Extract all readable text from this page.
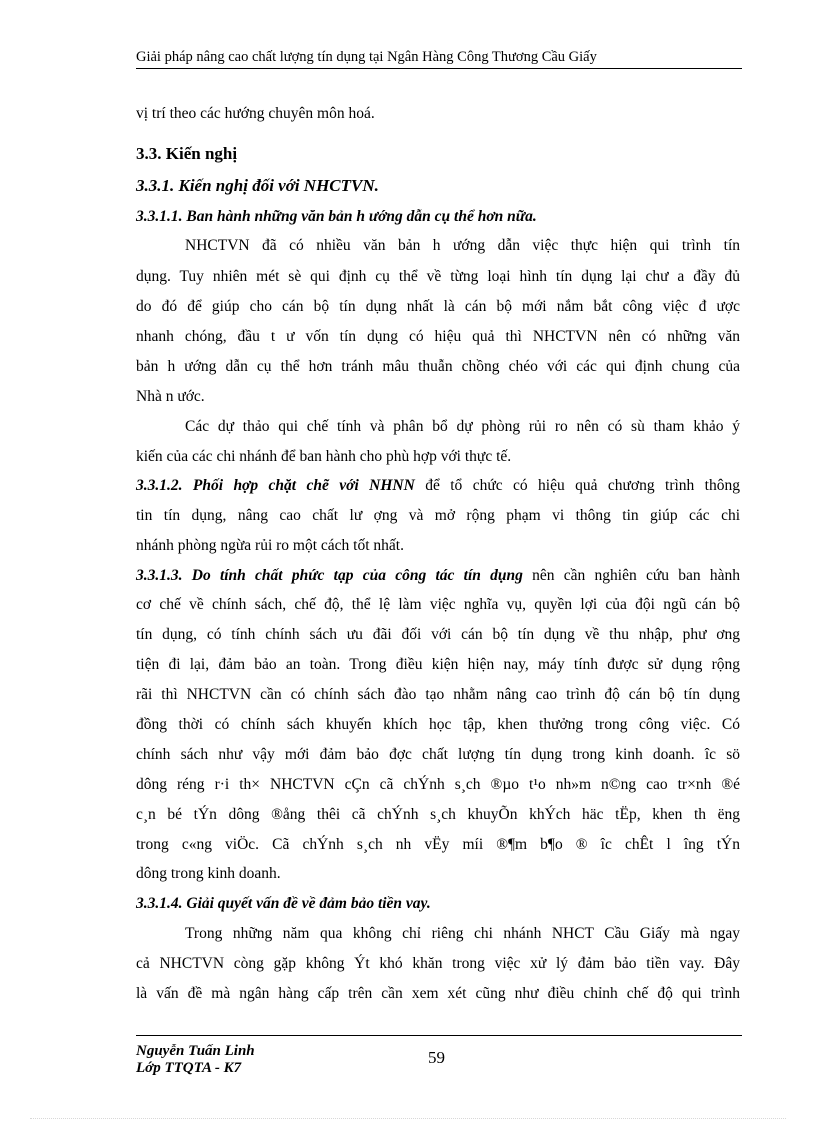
Giải pháp nâng cao chất lượng tín dụng tại Ngân Hàng Công Thương Cầu Giấy
vị trí theo các hướng chuyên môn hoá.
3.3. Kiến nghị
3.3.1. Kiến nghị đối với NHCTVN.
3.3.1.1. Ban hành những văn bản h ướng dẫn cụ thể hơn nữa.
NHCTVN đã có nhiều văn bản h ướng dẫn việc thực hiện qui trình tín
dụng. Tuy nhiên mét sè qui định cụ thể về từng loại hình tín dụng lại chư a đầy đủ
do đó để giúp cho cán bộ tín dụng nhất là cán bộ mới nắm bắt công việc đ ược
nhanh chóng, đầu t ư vốn tín dụng có hiệu quả thì NHCTVN nên có những văn
bản h ướng dẫn cụ thể hơn tránh mâu thuẫn chồng chéo với các qui định chung của
Nhà n ước.
Các dự thảo qui chế tính và phân bổ dự phòng rủi ro nên có sù tham khảo ý
kiến của các chi nhánh để ban hành cho phù hợp với thực tế.
3.3.1.2. Phối hợp chặt chẽ với NHNN để tổ chức có hiệu quả chương trình thông
tin tín dụng, nâng cao chất lư ợng và mở rộng phạm vi thông tin giúp các chi
nhánh phòng ngừa rủi ro một cách tốt nhất.
3.3.1.3. Do tính chất phức tạp của công tác tín dụng nên cần nghiên cứu ban hành
cơ chế về chính sách, chế độ, thể lệ làm việc nghĩa vụ, quyền lợi của đội ngũ cán bộ
tín dụng, có tính chính sách ưu đãi đối với cán bộ tín dụng về thu nhập, phư ơng
tiện đi lại, đảm bảo an toàn. Trong điều kiện hiện nay, máy tính được sử dụng rộng
rãi thì NHCTVN cần có chính sách đào tạo nhằm nâng cao trình độ cán bộ tín dụng
đồng thời có chính sách khuyến khích học tập, khen thưởng trong công việc. Có
chính sách như vậy mới đảm bảo đợc chất lượng tín dụng trong kinh doanh. îc sö
dông réng r·i th× NHCTVN cÇn cã chÝnh s¸ch ®µo t¹o nh»m n©ng cao tr×nh ®é
c¸n bé tÝn dông ®ång thêi cã chÝnh s¸ch khuyÕn khÝch häc tËp, khen th ëng
trong c«ng viÖc. Cã chÝnh s¸ch nh vËy míi ®¶m b¶o ® îc chÊt l îng tÝn
dông trong kinh doanh.
3.3.1.4. Giải quyết vấn đề về đảm bảo tiền vay.
Trong những năm qua không chỉ riêng chi nhánh NHCT Cầu Giấy mà ngay
cả NHCTVN còng gặp không Ýt khó khăn trong việc xử lý đảm bảo tiền vay. Đây
là vấn đề mà ngân hàng cấp trên cần xem xét cũng như điều chỉnh chế độ qui trình
Nguyễn Tuấn Linh
Lớp TTQTA - K7
59
